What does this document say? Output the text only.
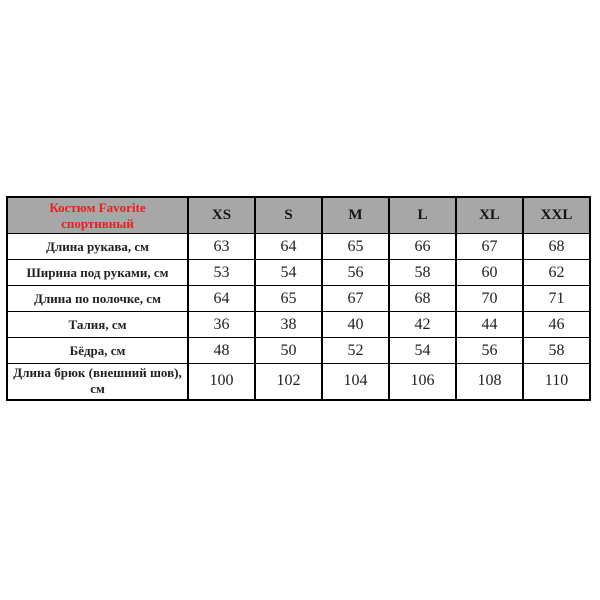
Костюм Favorite спортивный	XS	S	M	L	XL	XXL
Длина рукава, см	63	64	65	66	67	68
Ширина под руками, см	53	54	56	58	60	62
Длина по полочке, см	64	65	67	68	70	71
Талия, см	36	38	40	42	44	46
Бёдра, см	48	50	52	54	56	58
Длина брюк (внешний шов), см	100	102	104	106	108	110
